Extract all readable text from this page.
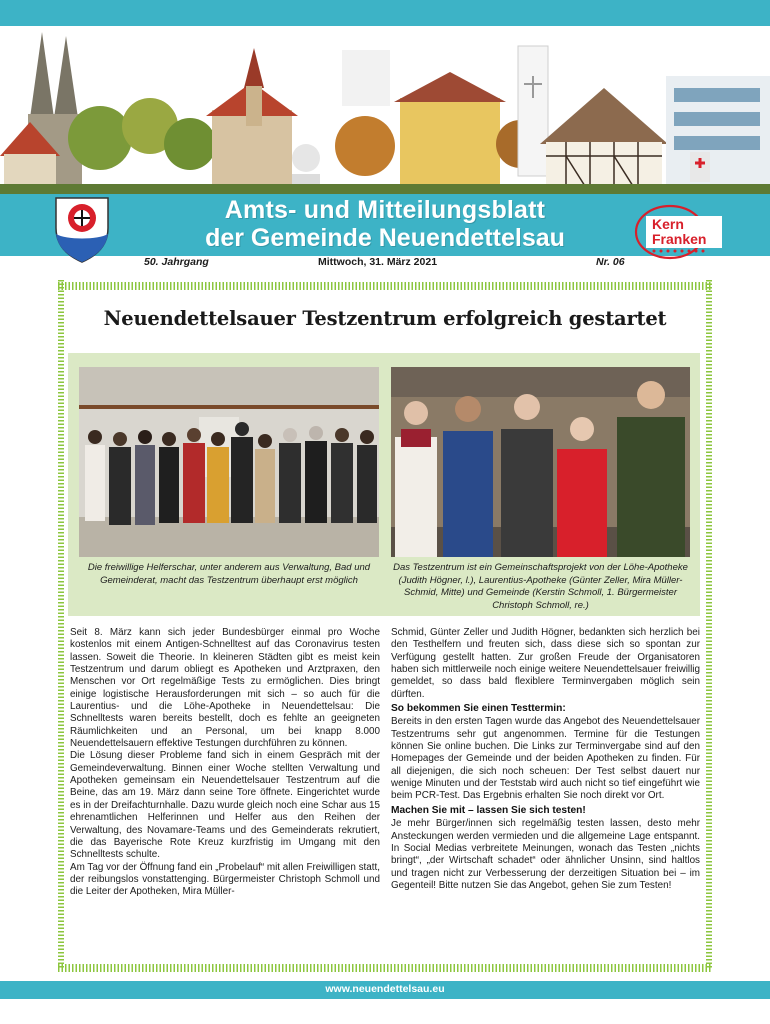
Amts- und Mitteilungsblatt
der Gemeinde Neuendettelsau	Kern
Franken
50. Jahrgang	Mittwoch, 31. März 2021	Nr. 06
Neuendettelsauer Testzentrum erfolgreich gestartet
Die freiwillige Helferschar, unter anderem aus Verwaltung, Bad und Gemeinderat, macht das Testzentrum überhaupt erst möglich
Das Testzentrum ist ein Gemeinschaftsprojekt von der Löhe-Apotheke (Judith Högner, l.), Laurentius-Apotheke (Günter Zeller, Mira Müller-Schmid, Mitte) und Gemeinde (Kerstin Schmoll, 1. Bürgermeister Christoph Schmoll, re.)

Seit 8. März kann sich jeder Bundesbürger einmal pro Woche kostenlos mit einem Antigen-Schnelltest auf das Coronavirus testen lassen. Soweit die Theorie. In kleineren Städten gibt es meist kein Testzentrum und darum obliegt es Apotheken und Arztpraxen, den Menschen vor Ort regelmäßige Tests zu ermöglichen. Dies bringt einige logistische Herausforderungen mit sich – so auch für die Laurentius- und die Löhe-Apotheke in Neuendettelsau: Die Schnelltests waren bereits bestellt, doch es fehlte an geeigneten Räumlichkeiten und an Personal, um bei knapp 8.000 Neuendettelsauern effektive Testungen durchführen zu können.

Die Lösung dieser Probleme fand sich in einem Gespräch mit der Gemeindeverwaltung. Binnen einer Woche stellten Verwaltung und Apotheken gemeinsam ein Neuendettelsauer Testzentrum auf die Beine, das am 19. März dann seine Tore öffnete. Eingerichtet wurde es in der Dreifachturnhalle. Dazu wurde gleich noch eine Schar aus 15 ehrenamtlichen Helferinnen und Helfer aus den Reihen der Verwaltung, des Novamare-Teams und des Gemeinderats rekrutiert, die das Bayerische Rote Kreuz kurzfristig im Umgang mit den Schnelltests schulte.

Am Tag vor der Öffnung fand ein „Probelauf“ mit allen Freiwilligen statt, der reibungslos vonstattenging. Bürgermeister Christoph Schmoll und die Leiter der Apotheken, Mira Müller-

Schmid, Günter Zeller und Judith Högner, bedankten sich herzlich bei den Testhelfern und freuten sich, dass diese sich so spontan zur Verfügung gestellt hatten. Zur großen Freude der Organisatoren haben sich mittlerweile noch einige weitere Neuendettelsauer freiwillig gemeldet, so dass bald flexiblere Terminvergaben möglich sein dürften.

So bekommen Sie einen Testtermin:

Bereits in den ersten Tagen wurde das Angebot des Neuendettelsauer Testzentrums sehr gut angenommen. Termine für die Testungen können Sie online buchen. Die Links zur Terminvergabe sind auf den Homepages der Gemeinde und der beiden Apotheken zu finden. Für all diejenigen, die sich noch scheuen: Der Test selbst dauert nur wenige Minuten und der Teststab wird auch nicht so tief eingeführt wie beim PCR-Test. Das Ergebnis erhalten Sie noch direkt vor Ort.

Machen Sie mit – lassen Sie sich testen!

Je mehr Bürger/innen sich regelmäßig testen lassen, desto mehr Ansteckungen werden vermieden und die allgemeine Lage entspannt. In Social Medias verbreitete Meinungen, wonach das Testen „nichts bringt“, „der Wirtschaft schadet“ oder ähnlicher Unsinn, sind haltlos und tragen nicht zur Verbesserung der derzeitigen Situation bei – im Gegenteil! Bitte nutzen Sie das Angebot, gehen Sie zum Testen!

www.neuendettelsau.eu
